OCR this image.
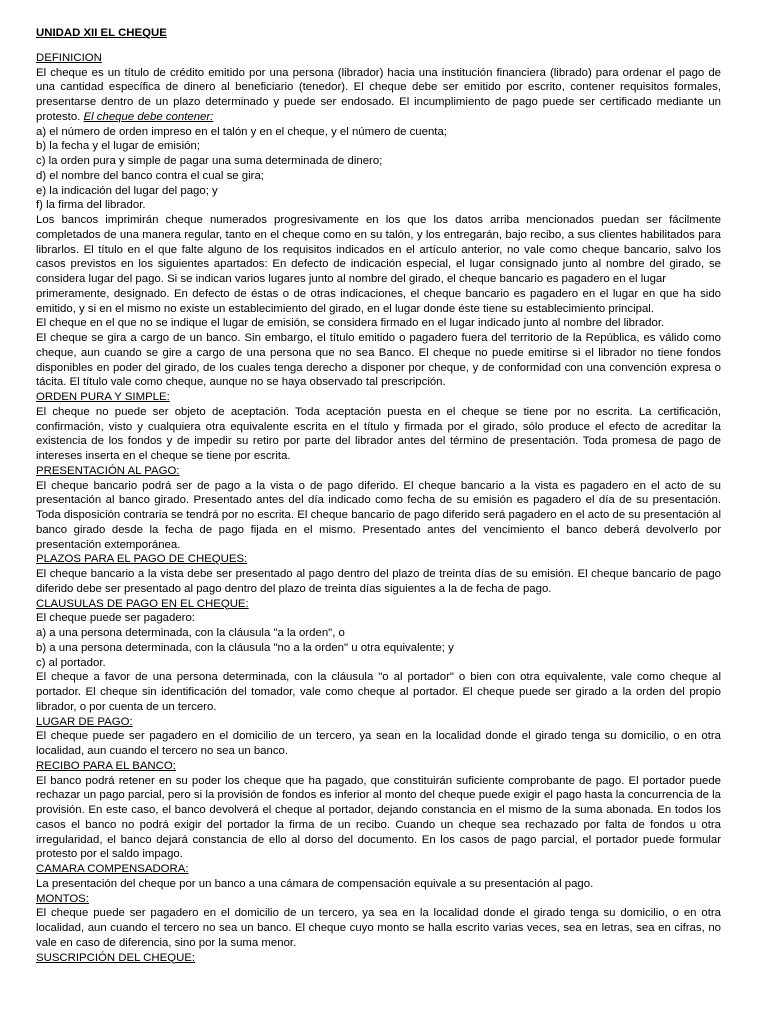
UNIDAD XII EL CHEQUE

DEFINICION

El cheque es un título de crédito emitido por una persona (librador) hacia una institución financiera (librado) para ordenar el pago de una cantidad específica de dinero al beneficiario (tenedor). El cheque debe ser emitido por escrito, contener requisitos formales, presentarse dentro de un plazo determinado y puede ser endosado. El incumplimiento de pago puede ser certificado mediante un protesto. El cheque debe contener:

a) el número de orden impreso en el talón y en el cheque, y el número de cuenta;
b) la fecha y el lugar de emisión;
c) la orden pura y simple de pagar una suma determinada de dinero;
d) el nombre del banco contra el cual se gira;
e) la indicación del lugar del pago; y
f) la firma del librador.

Los bancos imprimirán cheque numerados progresivamente en los que los datos arriba mencionados puedan ser fácilmente completados de una manera regular, tanto en el cheque como en su talón, y los entregarán, bajo recibo, a sus clientes habilitados para librarlos. El título en el que falte alguno de los requisitos indicados en el artículo anterior, no vale como cheque bancario, salvo los casos previstos en los siguientes apartados: En defecto de indicación especial, el lugar consignado junto al nombre del girado, se considera lugar del pago. Si se indican varios lugares junto al nombre del girado, el cheque bancario es pagadero en el lugar

primeramente, designado. En defecto de éstas o de otras indicaciones, el cheque bancario es pagadero en el lugar en que ha sido emitido, y si en el mismo no existe un establecimiento del girado, en el lugar donde éste tiene su establecimiento principal.

El cheque en el que no se indique el lugar de emisión, se considera firmado en el lugar indicado junto al nombre del librador.

El cheque se gira a cargo de un banco. Sin embargo, el título emitido o pagadero fuera del territorio de la República, es válido como cheque, aun cuando se gire a cargo de una persona que no sea Banco. El cheque no puede emitirse si el librador no tiene fondos disponibles en poder del girado, de los cuales tenga derecho a disponer por cheque, y de conformidad con una convención expresa o tácita. El título vale como cheque, aunque no se haya observado tal prescripción.

ORDEN PURA Y SIMPLE:

El cheque no puede ser objeto de aceptación. Toda aceptación puesta en el cheque se tiene por no escrita. La certificación, confirmación, visto y cualquiera otra equivalente escrita en el título y firmada por el girado, sólo produce el efecto de acreditar la existencia de los fondos y de impedir su retiro por parte del librador antes del término de presentación. Toda promesa de pago de intereses inserta en el cheque se tiene por escrita.

PRESENTACIÓN AL PAGO:

El cheque bancario podrá ser de pago a la vista o de pago diferido. El cheque bancario a la vista es pagadero en el acto de su presentación al banco girado. Presentado antes del día indicado como fecha de su emisión es pagadero el día de su presentación. Toda disposición contraria se tendrá por no escrita. El cheque bancario de pago diferido será pagadero en el acto de su presentación al banco girado desde la fecha de pago fijada en el mismo. Presentado antes del vencimiento el banco deberá devolverlo por presentación extemporánea.

PLAZOS PARA EL PAGO DE CHEQUES:

El cheque bancario a la vista debe ser presentado al pago dentro del plazo de treinta días de su emisión. El cheque bancario de pago diferido debe ser presentado al pago dentro del plazo de treinta días siguientes a la de fecha de pago.

CLAUSULAS DE PAGO EN EL CHEQUE:

El cheque puede ser pagadero:

a) a una persona determinada, con la cláusula "a la orden", o
b) a una persona determinada, con la cláusula "no a la orden" u otra equivalente; y
c) al portador.

El cheque a favor de una persona determinada, con la cláusula "o al portador" o bien con otra equivalente, vale como cheque al portador. El cheque sin identificación del tomador, vale como cheque al portador. El cheque puede ser girado a la orden del propio librador, o por cuenta de un tercero.

LUGAR DE PAGO:

El cheque puede ser pagadero en el domicilio de un tercero, ya sean en la localidad donde el girado tenga su domicilio, o en otra localidad, aun cuando el tercero no sea un banco.

RECIBO PARA EL BANCO:

El banco podrá retener en su poder los cheque que ha pagado, que constituirán suficiente comprobante de pago. El portador puede rechazar un pago parcial, pero si la provisión de fondos es inferior al monto del cheque puede exigir el pago hasta la concurrencia de la provisión. En este caso, el banco devolverá el cheque al portador, dejando constancia en el mismo de la suma abonada. En todos los casos el banco no podrá exigir del portador la firma de un recibo. Cuando un cheque sea rechazado por falta de fondos u otra irregularidad, el banco dejará constancia de ello al dorso del documento. En los casos de pago parcial, el portador puede formular protesto por el saldo impago.

CAMARA COMPENSADORA:

La presentación del cheque por un banco a una cámara de compensación equivale a su presentación al pago.

MONTOS:

El cheque puede ser pagadero en el domicilio de un tercero, ya sea en la localidad donde el girado tenga su domicilio, o en otra localidad, aun cuando el tercero no sea un banco. El cheque cuyo monto se halla escrito varias veces, sea en letras, sea en cifras, no vale en caso de diferencia, sino por la suma menor.

SUSCRIPCIÓN DEL CHEQUE:
